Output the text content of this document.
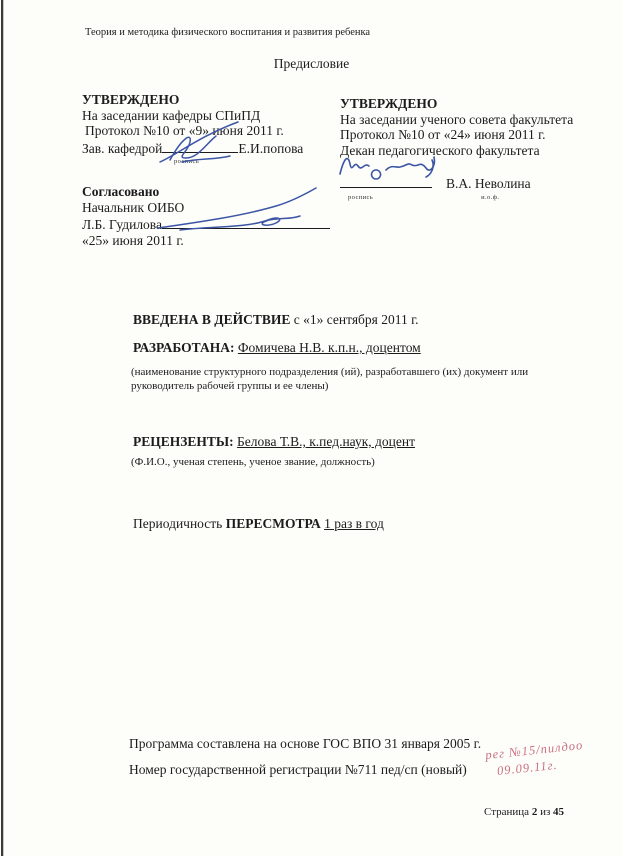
Теория и методика физического воспитания и развития ребенка
Предисловие
УТВЕРЖДЕНО
На заседании кафедры СПиПД
Протокол №10 от «9» июня 2011 г.
Зав. кафедрой	Е.И.попова
роспись
УТВЕРЖДЕНО
На заседании ученого совета факультета
Протокол №10 от «24» июня 2011 г.
Декан педагогического факультета
В.А. Неволина
роспись	и.о.ф.
Согласовано
Начальник ОИБО
Л.Б. Гудилова
«25» июня 2011 г.
ВВЕДЕНА В ДЕЙСТВИЕ с «1» сентября 2011 г.
РАЗРАБОТАНА: Фомичева Н.В. к.п.н., доцентом
(наименование структурного подразделения (ий), разработавшего (их) документ или руководитель рабочей группы и ее члены)
РЕЦЕНЗЕНТЫ: Белова Т.В., к.пед.наук, доцент
(Ф.И.О., ученая степень, ученое звание, должность)
Периодичность ПЕРЕСМОТРА 1 раз в год
Программа составлена на основе ГОС ВПО 31 января 2005 г.
Номер государственной регистрации №711 пед/сп (новый)
рег №15/пилдоо
09.09.11г.
Страница 2 из 45
